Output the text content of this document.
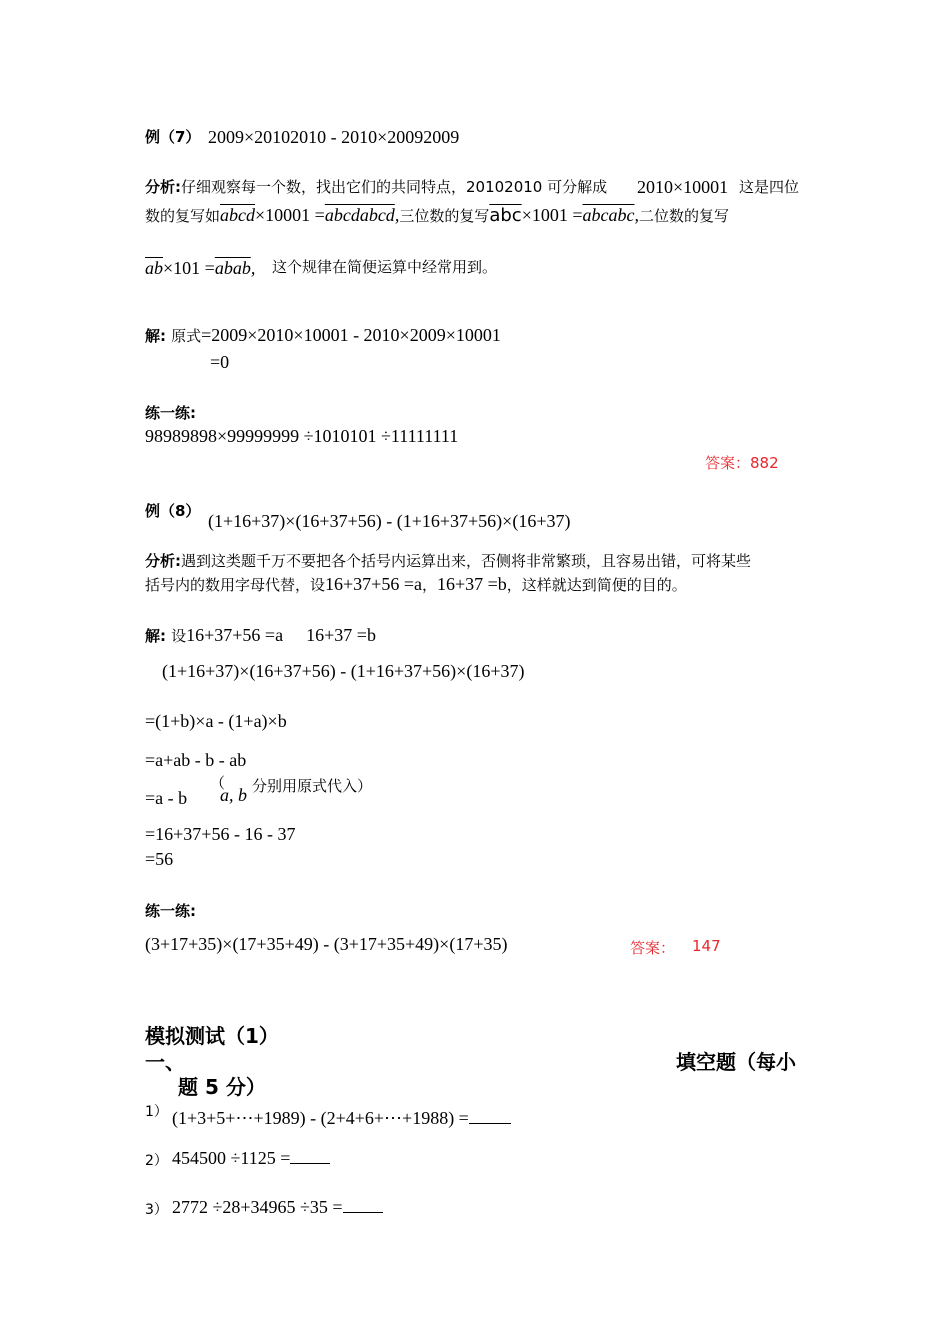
例（7） 2009×20102010 - 2010×20092009
分析:仔细观察每一个数，找出它们的共同特点，20102010 可分解成 2010×10001 这是四位
数的复写如abcd×10001 =abcdabcd,三位数的复写$\overline{abc}\times 1001$ =abcabc,二位数的复写
$\overline{ab}\times 101$ =abab, 这个规律在简便运算中经常用到。
解: 原式=2009×2010×10001 - 2010×2009×10001
=0
练一练:
98989898×99999999 ÷1010101 ÷11111111
答案：882
例（8） (1+16+37)×(16+37+56) - (1+16+37+56)×(16+37)
分析:遇到这类题千万不要把各个括号内运算出来，否侧将非常繁琐，且容易出错，可将某些
括号内的数用字母代替，设16+37+56 =a，16+37 =b，这样就达到简便的目的。
解: 设16+37+56 =a 16+37 =b
(1+16+37)×(16+37+56) - (1+16+37+56)×(16+37)
=(1+b)×a - (1+a)×b
=a+ab - b - ab
=a - b
（
a, b 分别用原式代入）
=16+37+56 - 16 - 37
=56
练一练:
(3+17+35)×(17+35+49) - (3+17+35+49)×(17+35)	答案： 147
模拟测试（1）
一、	填空题（每小
题 5 分）
1） (1+3+5+⋯+1989) - (2+4+6+⋯+1988) =
2） 454500 ÷1125 =
3） 2772 ÷28+34965 ÷35 =
